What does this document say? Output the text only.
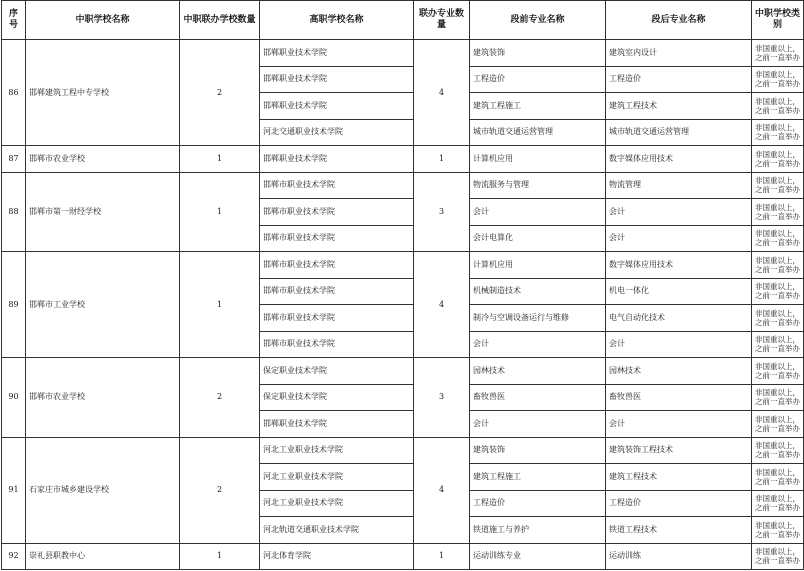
序号	中职学校名称	中职联办学校数量	高职学校名称	联办专业数量	段前专业名称	段后专业名称	中职学校类别
86	邯郸建筑工程中专学校	2	邯郸职业技术学院	4	建筑装饰	建筑室内设计	非国重以上，之前一直举办
			邯郸职业技术学院		工程造价	工程造价	非国重以上，之前一直举办
			邯郸职业技术学院		建筑工程施工	建筑工程技术	非国重以上，之前一直举办
			河北交通职业技术学院		城市轨道交通运营管理	城市轨道交通运营管理	非国重以上，之前一直举办
87	邯郸市农业学校	1	邯郸职业技术学院	1	计算机应用	数字媒体应用技术	非国重以上，之前一直举办
88	邯郸市第一财经学校	1	邯郸市职业技术学院	3	物流服务与管理	物流管理	非国重以上，之前一直举办
			邯郸市职业技术学院		会计	会计	非国重以上，之前一直举办
			邯郸市职业技术学院		会计电算化	会计	非国重以上，之前一直举办
89	邯郸市工业学校	1	邯郸市职业技术学院	4	计算机应用	数字媒体应用技术	非国重以上，之前一直举办
			邯郸市职业技术学院		机械制造技术	机电一体化	非国重以上，之前一直举办
			邯郸市职业技术学院		制冷与空调设备运行与维修	电气自动化技术	非国重以上，之前一直举办
			邯郸市职业技术学院		会计	会计	非国重以上，之前一直举办
90	邯郸市农业学校	2	保定职业技术学院	3	园林技术	园林技术	非国重以上，之前一直举办
			保定职业技术学院		畜牧兽医	畜牧兽医	非国重以上，之前一直举办
			邯郸职业技术学院		会计	会计	非国重以上，之前一直举办
91	石家庄市城乡建设学校	2	河北工业职业技术学院	4	建筑装饰	建筑装饰工程技术	非国重以上，之前一直举办
			河北工业职业技术学院		建筑工程施工	建筑工程技术	非国重以上，之前一直举办
			河北工业职业技术学院		工程造价	工程造价	非国重以上，之前一直举办
			河北轨道交通职业技术学院		铁道施工与养护	铁道工程技术	非国重以上，之前一直举办
92	崇礼县职教中心	1	河北体育学院	1	运动训练专业	运动训练	非国重以上，之前一直举办
